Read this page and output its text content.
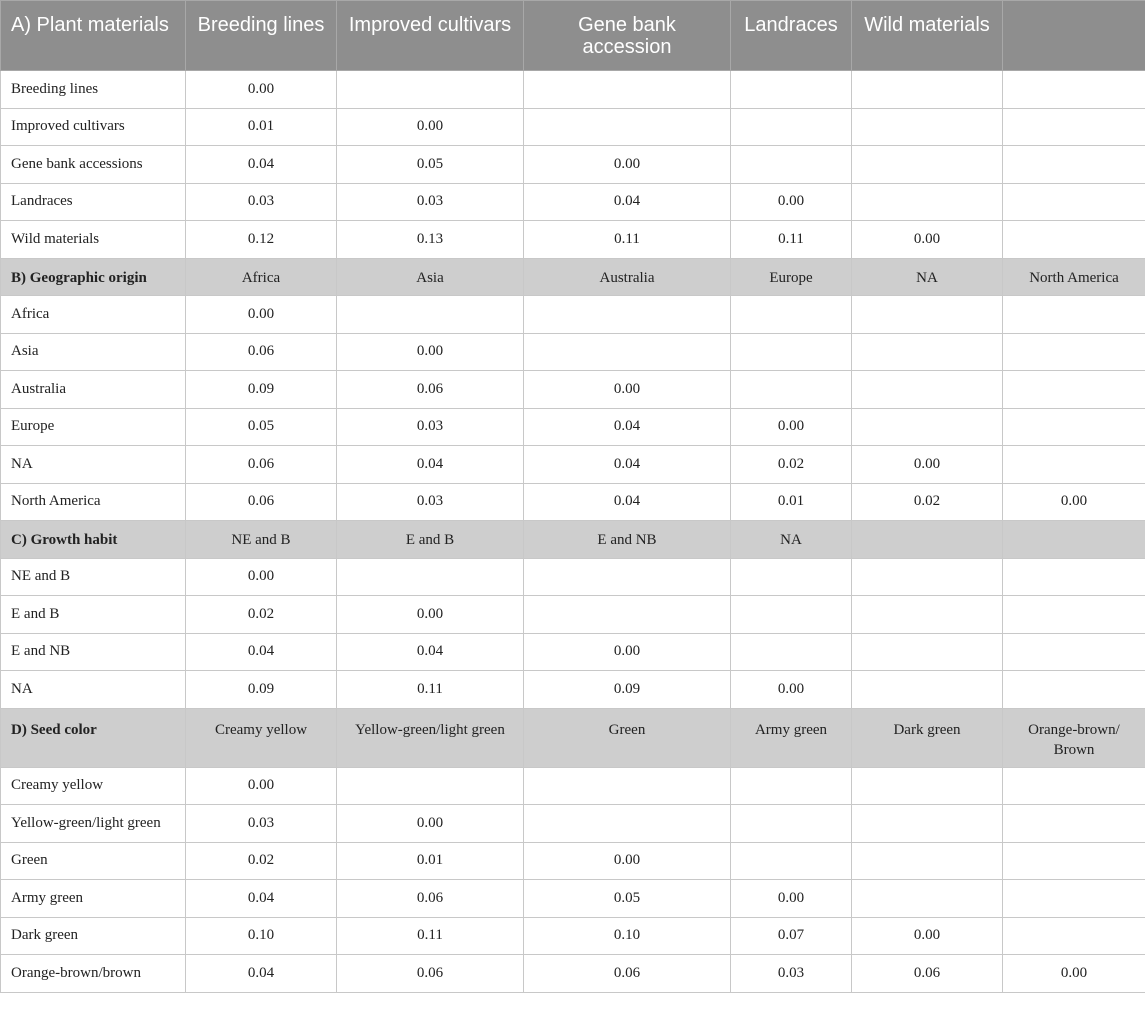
A) Plant materials	Breeding lines	Improved cultivars	Gene bank accession	Landraces	Wild materials	
Breeding lines	0.00					
Improved cultivars	0.01	0.00				
Gene bank accessions	0.04	0.05	0.00			
Landraces	0.03	0.03	0.04	0.00		
Wild materials	0.12	0.13	0.11	0.11	0.00	
B) Geographic origin	Africa	Asia	Australia	Europe	NA	North America
Africa	0.00					
Asia	0.06	0.00				
Australia	0.09	0.06	0.00			
Europe	0.05	0.03	0.04	0.00		
NA	0.06	0.04	0.04	0.02	0.00	
North America	0.06	0.03	0.04	0.01	0.02	0.00
C) Growth habit	NE and B	E and B	E and NB	NA		
NE and B	0.00					
E and B	0.02	0.00				
E and NB	0.04	0.04	0.00			
NA	0.09	0.11	0.09	0.00		
D) Seed color	Creamy yellow	Yellow-green/light green	Green	Army green	Dark green	Orange-brown/
Brown
Creamy yellow	0.00					
Yellow-green/light green	0.03	0.00				
Green	0.02	0.01	0.00			
Army green	0.04	0.06	0.05	0.00		
Dark green	0.10	0.11	0.10	0.07	0.00	
Orange-brown/brown	0.04	0.06	0.06	0.03	0.06	0.00
